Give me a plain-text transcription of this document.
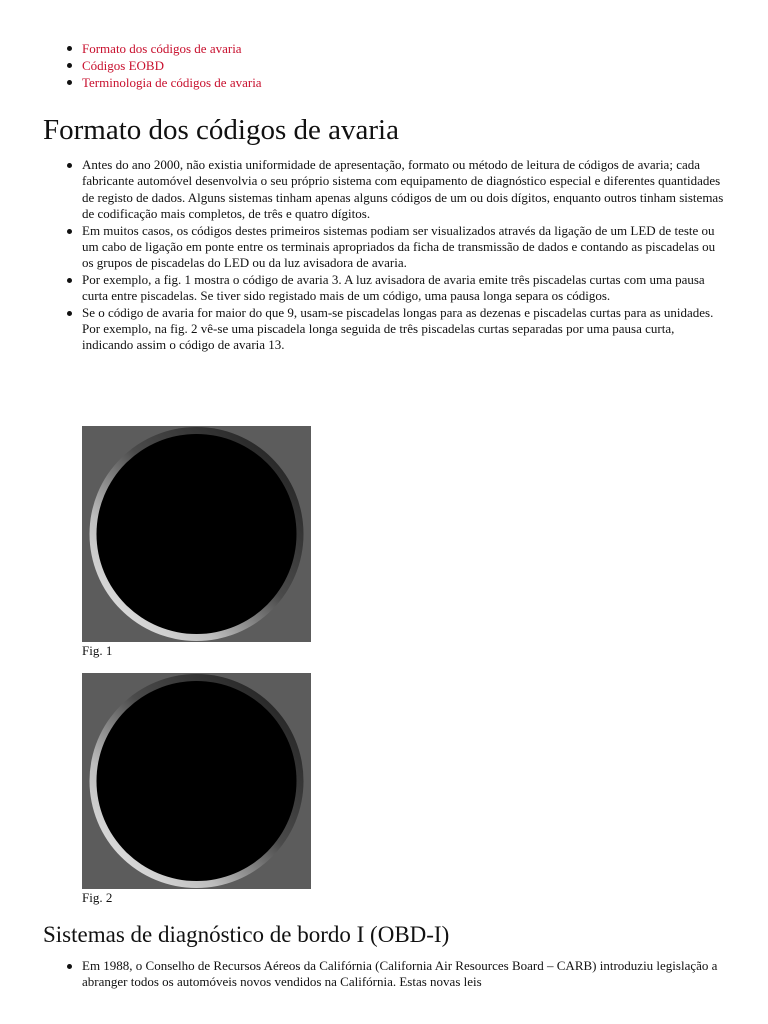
Formato dos códigos de avaria
Códigos EOBD
Terminologia de códigos de avaria
Formato dos códigos de avaria
Antes do ano 2000, não existia uniformidade de apresentação, formato ou método de leitura de códigos de avaria; cada fabricante automóvel desenvolvia o seu próprio sistema com equipamento de diagnóstico especial e diferentes quantidades de registo de dados. Alguns sistemas tinham apenas alguns códigos de um ou dois dígitos, enquanto outros tinham sistemas de codificação mais completos, de três e quatro dígitos.
Em muitos casos, os códigos destes primeiros sistemas podiam ser visualizados através da ligação de um LED de teste ou um cabo de ligação em ponte entre os terminais apropriados da ficha de transmissão de dados e contando as piscadelas ou os grupos de piscadelas do LED ou da luz avisadora de avaria.
Por exemplo, a fig. 1 mostra o código de avaria 3. A luz avisadora de avaria emite três piscadelas curtas com uma pausa curta entre piscadelas. Se tiver sido registado mais de um código, uma pausa longa separa os códigos.
Se o código de avaria for maior do que 9, usam-se piscadelas longas para as dezenas e piscadelas curtas para as unidades. Por exemplo, na fig. 2 vê-se uma piscadela longa seguida de três piscadelas curtas separadas por uma pausa curta, indicando assim o código de avaria 13.
Fig. 1
Fig. 2
Sistemas de diagnóstico de bordo I (OBD-I)
Em 1988, o Conselho de Recursos Aéreos da Califórnia (California Air Resources Board – CARB) introduziu legislação a abranger todos os automóveis novos vendidos na Califórnia. Estas novas leis
